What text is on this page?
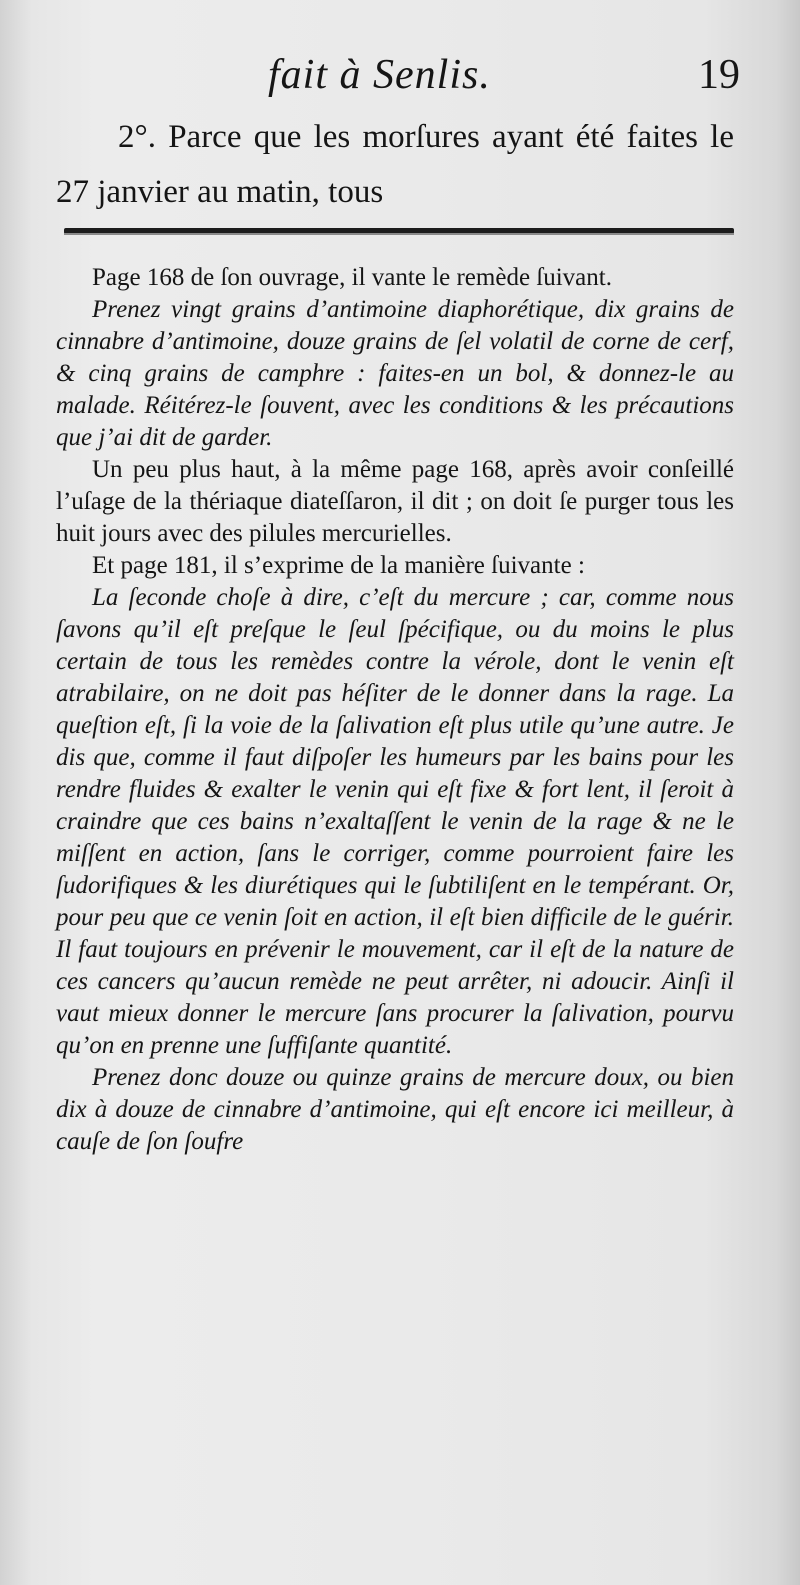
fait à Senlis.	19

2°. Parce que les morſures ayant été faites le 27 janvier au matin, tous

Page 168 de ſon ouvrage, il vante le remède ſuivant.

Prenez vingt grains d’antimoine diaphorétique, dix grains de cinnabre d’antimoine, douze grains de ſel volatil de corne de cerf, & cinq grains de camphre : faites-en un bol, & donnez-le au malade. Réitérez-le ſouvent, avec les conditions & les précautions que j’ai dit de garder.

Un peu plus haut, à la même page 168, après avoir conſeillé l’uſage de la thériaque diateſſaron, il dit ; on doit ſe purger tous les huit jours avec des pilules mercurielles.

Et page 181, il s’exprime de la manière ſuivante :

La ſeconde choſe à dire, c’eſt du mercure ; car, comme nous ſavons qu’il eſt preſque le ſeul ſpécifique, ou du moins le plus certain de tous les remèdes contre la vérole, dont le venin eſt atrabilaire, on ne doit pas héſiter de le donner dans la rage. La queſtion eſt, ſi la voie de la ſalivation eſt plus utile qu’une autre. Je dis que, comme il faut diſpoſer les humeurs par les bains pour les rendre fluides & exalter le venin qui eſt fixe & fort lent, il ſeroit à craindre que ces bains n’exaltaſſent le venin de la rage & ne le miſſent en action, ſans le corriger, comme pourroient faire les ſudorifiques & les diurétiques qui le ſubtiliſent en le tempérant. Or, pour peu que ce venin ſoit en action, il eſt bien difficile de le guérir. Il faut toujours en prévenir le mouvement, car il eſt de la nature de ces cancers qu’aucun remède ne peut arrêter, ni adoucir. Ainſi il vaut mieux donner le mercure ſans procurer la ſalivation, pourvu qu’on en prenne une ſuffiſante quantité.

Prenez donc douze ou quinze grains de mercure doux, ou bien dix à douze de cinnabre d’antimoine, qui eſt encore ici meilleur, à cauſe de ſon ſoufre
